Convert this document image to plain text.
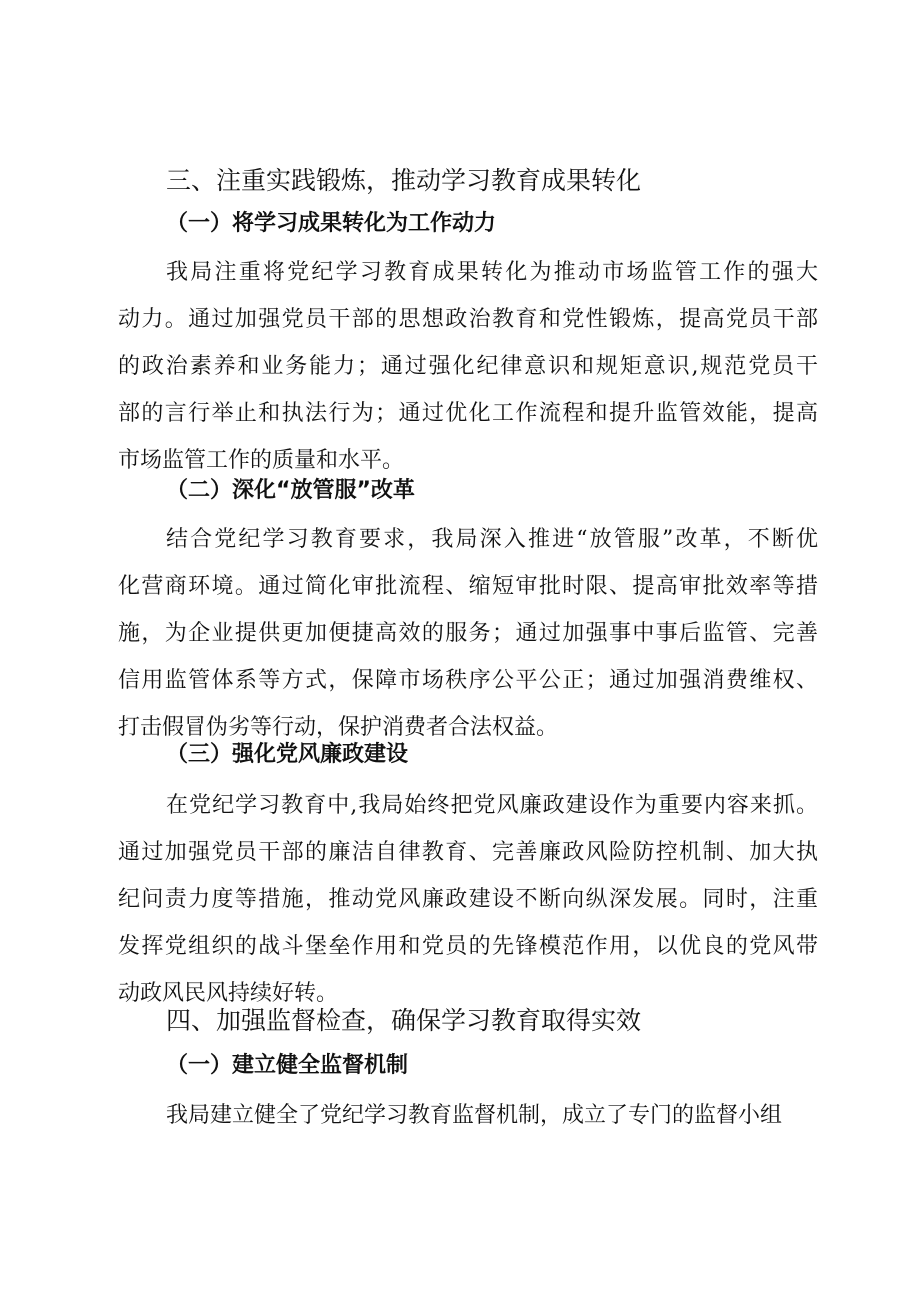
三、注重实践锻炼，推动学习教育成果转化
（一）将学习成果转化为工作动力
我局注重将党纪学习教育成果转化为推动市场监管工作的强大
动力。通过加强党员干部的思想政治教育和党性锻炼，提高党员干部
的政治素养和业务能力；通过强化纪律意识和规矩意识,规范党员干
部的言行举止和执法行为；通过优化工作流程和提升监管效能，提高
市场监管工作的质量和水平。
（二）深化“放管服”改革
结合党纪学习教育要求，我局深入推进“放管服”改革，不断优
化营商环境。通过简化审批流程、缩短审批时限、提高审批效率等措
施，为企业提供更加便捷高效的服务；通过加强事中事后监管、完善
信用监管体系等方式，保障市场秩序公平公正；通过加强消费维权、
打击假冒伪劣等行动，保护消费者合法权益。
（三）强化党风廉政建设
在党纪学习教育中,我局始终把党风廉政建设作为重要内容来抓。
通过加强党员干部的廉洁自律教育、完善廉政风险防控机制、加大执
纪问责力度等措施，推动党风廉政建设不断向纵深发展。同时，注重
发挥党组织的战斗堡垒作用和党员的先锋模范作用，以优良的党风带
动政风民风持续好转。
四、加强监督检查，确保学习教育取得实效
（一）建立健全监督机制
我局建立健全了党纪学习教育监督机制，成立了专门的监督小组
